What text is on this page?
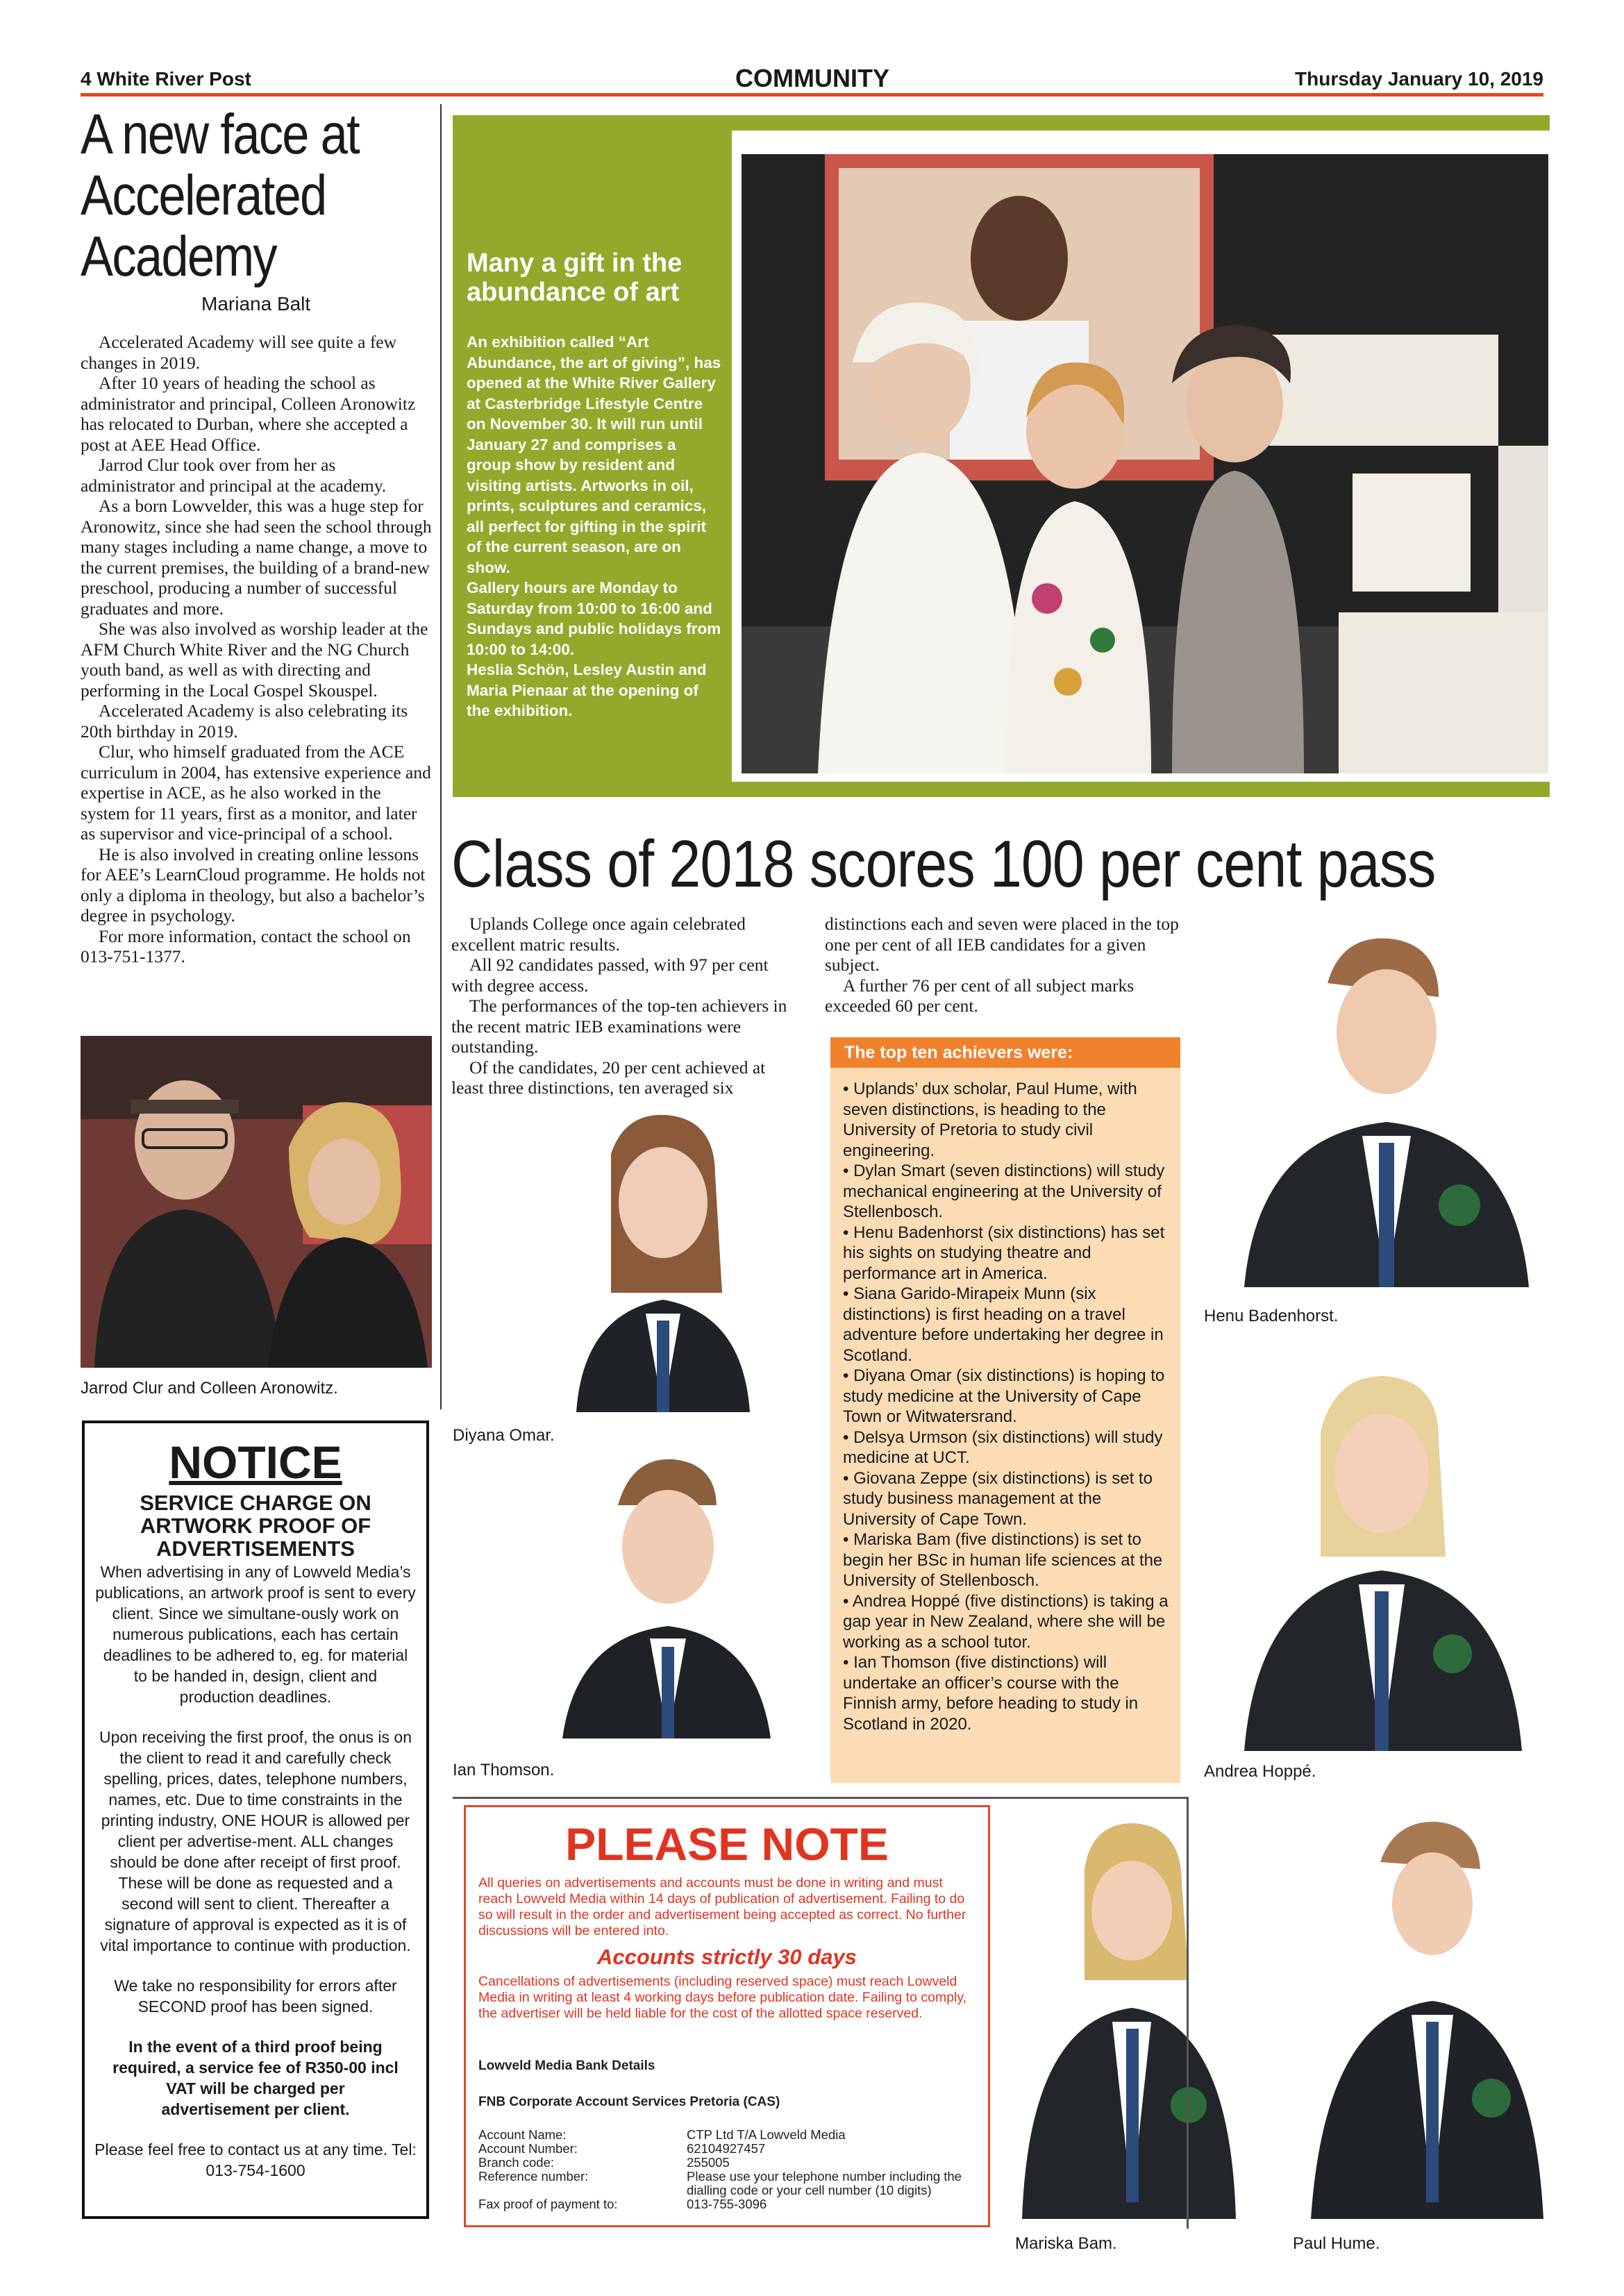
4 White River Post	COMMUNITY	Thursday January 10, 2019
A new face at Accelerated Academy
Mariana Balt

Accelerated Academy will see quite a few changes in 2019.

After 10 years of heading the school as administrator and principal, Colleen Aronowitz has relocated to Durban, where she accepted a post at AEE Head Office.

Jarrod Clur took over from her as administrator and principal at the academy.

As a born Lowvelder, this was a huge step for Aronowitz, since she had seen the school through many stages including a name change, a move to the current premises, the building of a brand-new preschool, producing a number of successful graduates and more.

She was also involved as worship leader at the AFM Church White River and the NG Church youth band, as well as with directing and performing in the Local Gospel Skouspel.

Accelerated Academy is also celebrating its 20th birthday in 2019.

Clur, who himself graduated from the ACE curriculum in 2004, has extensive experience and expertise in ACE, as he also worked in the system for 11 years, first as a monitor, and later as supervisor and vice-principal of a school.

He is also involved in creating online lessons for AEE’s LearnCloud programme. He holds not only a diploma in theology, but also a bachelor’s degree in psychology.

For more information, contact the school on 013-751-1377.

Jarrod Clur and Colleen Aronowitz.
NOTICE
SERVICE CHARGE ON ARTWORK PROOF OF ADVERTISEMENTS
When advertising in any of Lowveld Media’s publications, an artwork proof is sent to every client. Since we simultane-ously work on numerous publications, each has certain deadlines to be adhered to, eg. for material to be handed in, design, client and production deadlines.
Upon receiving the first proof, the onus is on the client to read it and carefully check spelling, prices, dates, telephone numbers, names, etc. Due to time constraints in the printing industry, ONE HOUR is allowed per client per advertise-ment. ALL changes should be done after receipt of first proof. These will be done as requested and a second will sent to client. Thereafter a signature of approval is expected as it is of vital importance to continue with production.
We take no responsibility for errors after SECOND proof has been signed.
In the event of a third proof being required, a service fee of R350-00 incl VAT will be charged per advertisement per client.
Please feel free to contact us at any time. Tel: 013-754-1600
Many a gift in the abundance of art
An exhibition called “Art Abundance, the art of giving”, has opened at the White River Gallery at Casterbridge Lifestyle Centre on November 30. It will run until January 27 and comprises a group show by resident and visiting artists. Artworks in oil, prints, sculptures and ceramics, all perfect for gifting in the spirit of the current season, are on show.
Gallery hours are Monday to Saturday from 10:00 to 16:00 and Sundays and public holidays from 10:00 to 14:00.
Heslia Schön, Lesley Austin and Maria Pienaar at the opening of the exhibition.
Class of 2018 scores 100 per cent pass

Uplands College once again celebrated excellent matric results.

All 92 candidates passed, with 97 per cent with degree access.

The performances of the top-ten achievers in the recent matric IEB examinations were outstanding.

Of the candidates, 20 per cent achieved at least three distinctions, ten averaged six

distinctions each and seven were placed in the top one per cent of all IEB candidates for a given subject.

A further 76 per cent of all subject marks exceeded 60 per cent.

The top ten achievers were:
• Uplands’ dux scholar, Paul Hume, with seven distinctions, is heading to the University of Pretoria to study civil engineering.
• Dylan Smart (seven distinctions) will study mechanical engineering at the University of Stellenbosch.
• Henu Badenhorst (six distinctions) has set his sights on studying theatre and performance art in America.
• Siana Garido-Mirapeix Munn (six distinctions) is first heading on a travel adventure before undertaking her degree in Scotland.
• Diyana Omar (six distinctions) is hoping to study medicine at the University of Cape Town or Witwatersrand.
• Delsya Urmson (six distinctions) will study medicine at UCT.
• Giovana Zeppe (six distinctions) is set to study business management at the University of Cape Town.
• Mariska Bam (five distinctions) is set to begin her BSc in human life sciences at the University of Stellenbosch.
• Andrea Hoppé (five distinctions) is taking a gap year in New Zealand, where she will be working as a school tutor.
• Ian Thomson (five distinctions) will undertake an officer’s course with the Finnish army, before heading to study in Scotland in 2020.
Diyana Omar.
Ian Thomson.
Henu Badenhorst.
Andrea Hoppé.
Mariska Bam.	Paul Hume.
PLEASE NOTE
All queries on advertisements and accounts must be done in writing and must reach Lowveld Media within 14 days of publication of advertisement. Failing to do so will result in the order and advertisement being accepted as correct. No further discussions will be entered into.
Accounts strictly 30 days
Cancellations of advertisements (including reserved space) must reach Lowveld Media in writing at least 4 working days before publication date. Failing to comply, the advertiser will be held liable for the cost of the allotted space reserved.
Lowveld Media Bank Details
FNB Corporate Account Services Pretoria (CAS)
Account Name:	CTP Ltd T/A Lowveld Media
Account Number:	62104927457
Branch code:	255005
Reference number:	Please use your telephone number including the dialling code or your cell number (10 digits)
Fax proof of payment to:	013-755-3096
